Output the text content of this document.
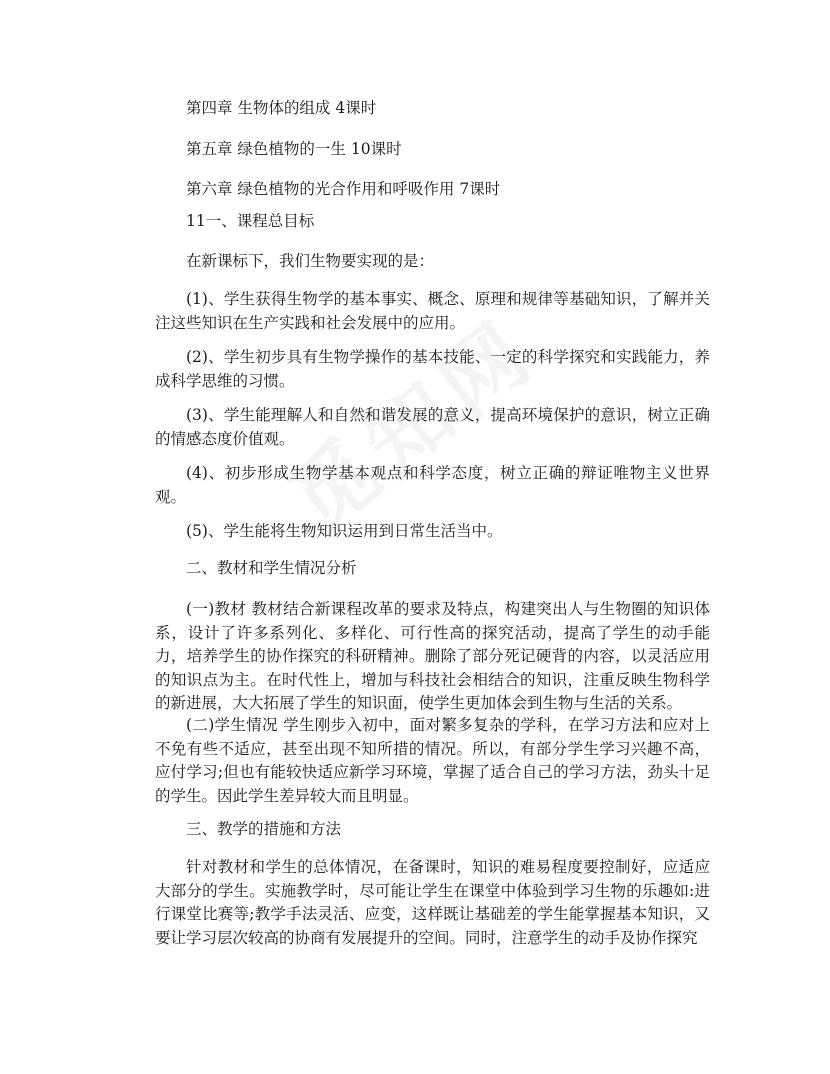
第四章 生物体的组成 4课时
第五章 绿色植物的一生 10课时
第六章 绿色植物的光合作用和呼吸作用 7课时
11一、课程总目标
在新课标下，我们生物要实现的是：
(1)、学生获得生物学的基本事实、概念、原理和规律等基础知识，了解并关注这些知识在生产实践和社会发展中的应用。
(2)、学生初步具有生物学操作的基本技能、一定的科学探究和实践能力，养成科学思维的习惯。
(3)、学生能理解人和自然和谐发展的意义，提高环境保护的意识，树立正确的情感态度价值观。
(4)、初步形成生物学基本观点和科学态度，树立正确的辩证唯物主义世界观。
(5)、学生能将生物知识运用到日常生活当中。
二、教材和学生情况分析
(一)教材 教材结合新课程改革的要求及特点，构建突出人与生物圈的知识体系，设计了许多系列化、多样化、可行性高的探究活动，提高了学生的动手能力，培养学生的协作探究的科研精神。删除了部分死记硬背的内容，以灵活应用的知识点为主。在时代性上，增加与科技社会相结合的知识，注重反映生物科学的新进展，大大拓展了学生的知识面，使学生更加体会到生物与生活的关系。
(二)学生情况 学生刚步入初中，面对繁多复杂的学科，在学习方法和应对上不免有些不适应，甚至出现不知所措的情况。所以，有部分学生学习兴趣不高，应付学习;但也有能较快适应新学习环境，掌握了适合自己的学习方法，劲头十足的学生。因此学生差异较大而且明显。
三、教学的措施和方法
针对教材和学生的总体情况，在备课时，知识的难易程度要控制好，应适应大部分的学生。实施教学时，尽可能让学生在课堂中体验到学习生物的乐趣如:进行课堂比赛等;教学手法灵活、应变，这样既让基础差的学生能掌握基本知识，又要让学习层次较高的协商有发展提升的空间。同时，注意学生的动手及协作探究
